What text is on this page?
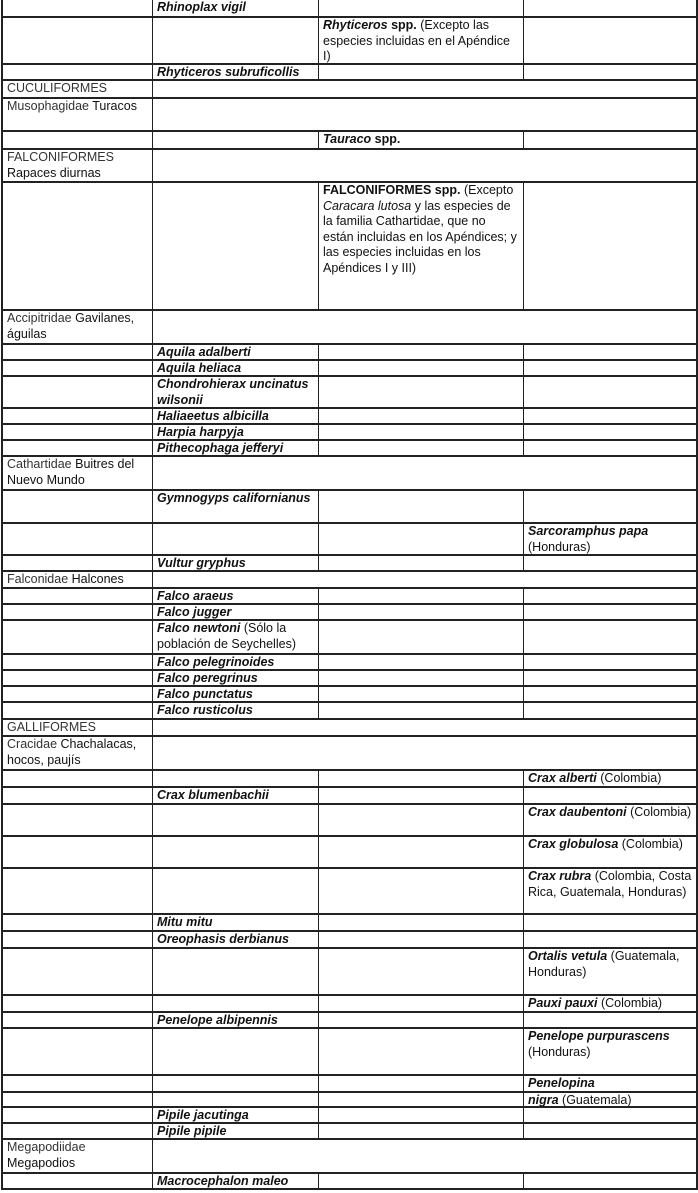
Rhinoplax vigil
Rhyticeros spp. (Excepto las especies incluidas en el Apéndice I)
Rhyticeros subruficollis
CUCULIFORMES
Musophagidae Turacos
Tauraco spp.
FALCONIFORMES Rapaces diurnas
FALCONIFORMES spp. (Excepto Caracara lutosa y las especies de la familia Cathartidae, que no están incluidas en los Apéndices; y las especies incluidas en los Apéndices I y III)
Accipitridae Gavilanes, águilas
Aquila adalberti
Aquila heliaca
Chondrohierax uncinatus wilsonii
Haliaeetus albicilla
Harpia harpyja
Pithecophaga jefferyi
Cathartidae Buitres del Nuevo Mundo
Gymnogyps californianus
Sarcoramphus papa (Honduras)
Vultur gryphus
Falconidae Halcones
Falco araeus
Falco jugger
Falco newtoni (Sólo la población de Seychelles)
Falco pelegrinoides
Falco peregrinus
Falco punctatus
Falco rusticolus
GALLIFORMES
Cracidae Chachalacas, hocos, paujís
Crax alberti (Colombia)
Crax blumenbachii
Crax daubentoni (Colombia)
Crax globulosa (Colombia)
Crax rubra (Colombia, Costa Rica, Guatemala, Honduras)
Mitu mitu
Oreophasis derbianus
Ortalis vetula (Guatemala, Honduras)
Pauxi pauxi (Colombia)
Penelope albipennis
Penelope purpurascens (Honduras)
Penelopina
nigra (Guatemala)
Pipile jacutinga
Pipile pipile
Megapodiidae Megapodios
Macrocephalon maleo
